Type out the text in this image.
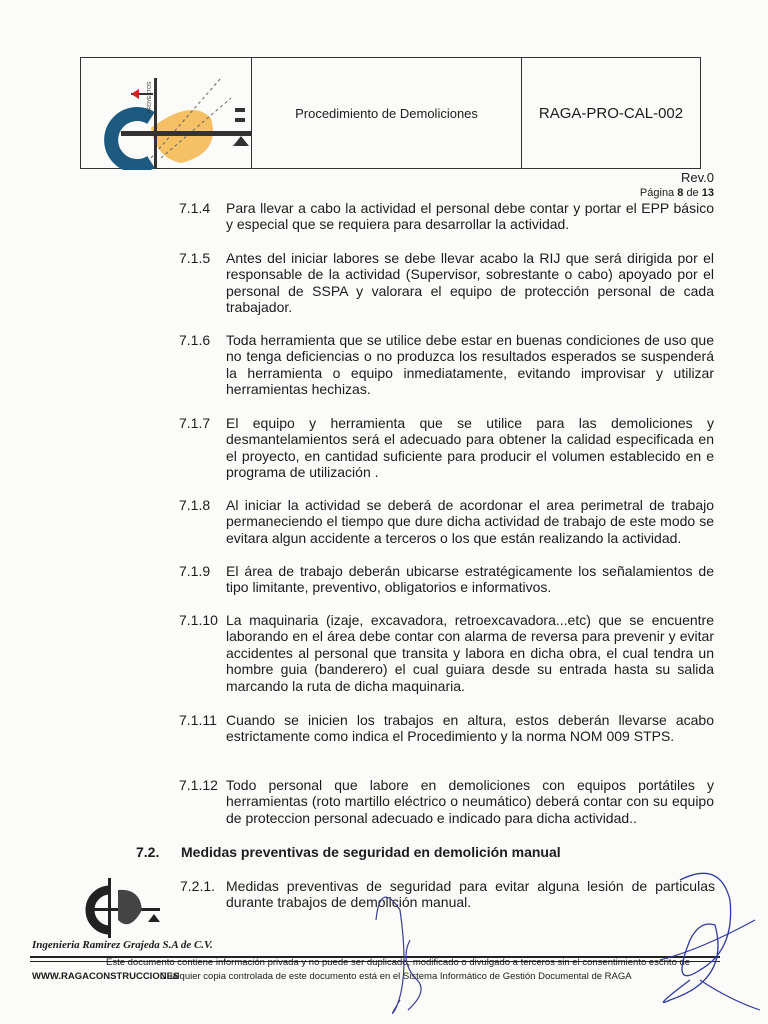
PROYECTOS	Procedimiento de Demoliciones	RAGA-PRO-CAL-002
Rev.0
Página 8 de 13
7.1.4 Para llevar a cabo la actividad el personal debe contar y portar el EPP básico y especial que se requiera para desarrollar la actividad.
7.1.5 Antes del iniciar labores se debe llevar acabo la RIJ que será dirigida por el responsable de la actividad (Supervisor, sobrestante o cabo) apoyado por el personal de SSPA y valorara el equipo de protección personal de cada trabajador.
7.1.6 Toda herramienta que se utilice debe estar en buenas condiciones de uso que no tenga deficiencias o no produzca los resultados esperados se suspenderá la herramienta o equipo inmediatamente, evitando improvisar y utilizar herramientas hechizas.
7.1.7 El equipo y herramienta que se utilice para las demoliciones y desmantelamientos será el adecuado para obtener la calidad especificada en el proyecto, en cantidad suficiente para producir el volumen establecido en e programa de utilización .
7.1.8 Al iniciar la actividad se deberá de acordonar el area perimetral de trabajo permaneciendo el tiempo que dure dicha actividad de trabajo de este modo se evitara algun accidente a terceros o los que están realizando la actividad.
7.1.9 El área de trabajo deberán ubicarse estratégicamente los señalamientos de tipo limitante, preventivo, obligatorios e informativos.
7.1.10 La maquinaria (izaje, excavadora, retroexcavadora...etc) que se encuentre laborando en el área debe contar con alarma de reversa para prevenir y evitar accidentes al personal que transita y labora en dicha obra, el cual tendra un hombre guia (banderero) el cual guiara desde su entrada hasta su salida marcando la ruta de dicha maquinaria.
7.1.11 Cuando se inicien los trabajos en altura, estos deberán llevarse acabo estrictamente como indica el Procedimiento y la norma NOM 009 STPS.
7.1.12 Todo personal que labore en demoliciones con equipos portátiles y herramientas (roto martillo eléctrico o neumático) deberá contar con su equipo de proteccion personal adecuado e indicado para dicha actividad..
7.2. Medidas preventivas de seguridad en demolición manual
7.2.1. Medidas preventivas de seguridad para evitar alguna lesión de particulas durante trabajos de demolición manual.
Ingenieria Ramirez Grajeda S.A de C.V.
Este documento contiene información privada y no puede ser duplicado, modificado o divulgado a terceros sin el consentimiento escrito de
WWW.RAGACONSTRUCCIONES
Cualquier copia controlada de este documento está en el Sistema Informático de Gestión Documental de RAGA
